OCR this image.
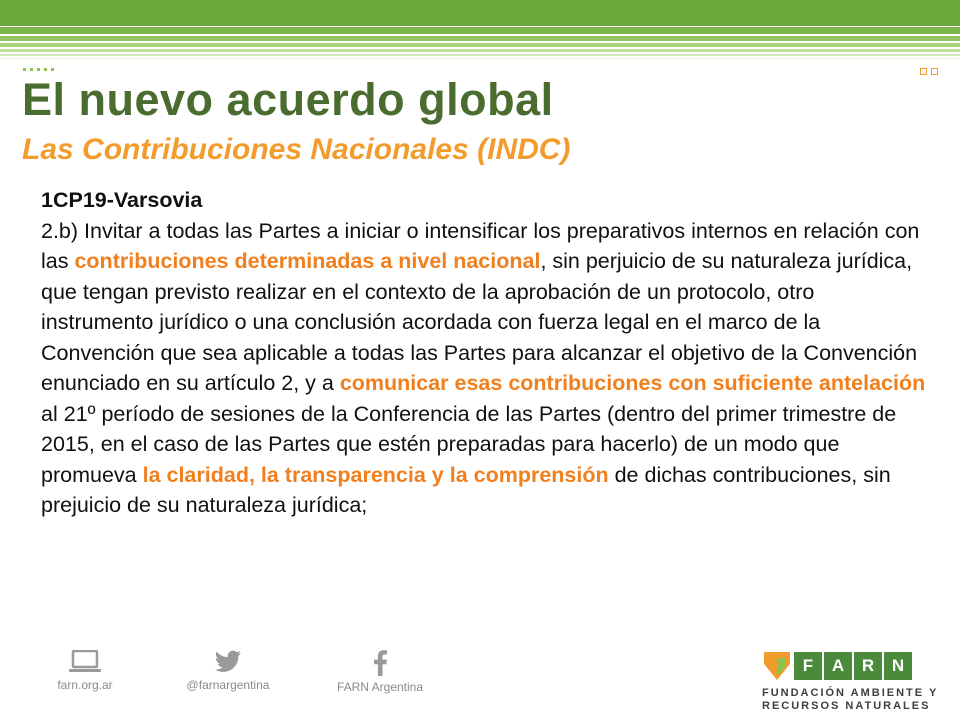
El nuevo acuerdo global
Las Contribuciones Nacionales (INDC)
1CP19-Varsovia
2.b) Invitar a todas las Partes a iniciar o intensificar los preparativos internos en relación con las contribuciones determinadas a nivel nacional, sin perjuicio de su naturaleza jurídica, que tengan previsto realizar en el contexto de la aprobación de un protocolo, otro instrumento jurídico o una conclusión acordada con fuerza legal en el marco de la Convención que sea aplicable a todas las Partes para alcanzar el objetivo de la Convención enunciado en su artículo 2, y a comunicar esas contribuciones con suficiente antelación al 21º período de sesiones de la Conferencia de las Partes (dentro del primer trimestre de 2015, en el caso de las Partes que estén preparadas para hacerlo) de un modo que promueva la claridad, la transparencia y la comprensión de dichas contribuciones, sin prejuicio de su naturaleza jurídica;
farn.org.ar	@farnargentina	FARN Argentina
F	A	R	N
FUNDACIÓN AMBIENTE Y
RECURSOS NATURALES
